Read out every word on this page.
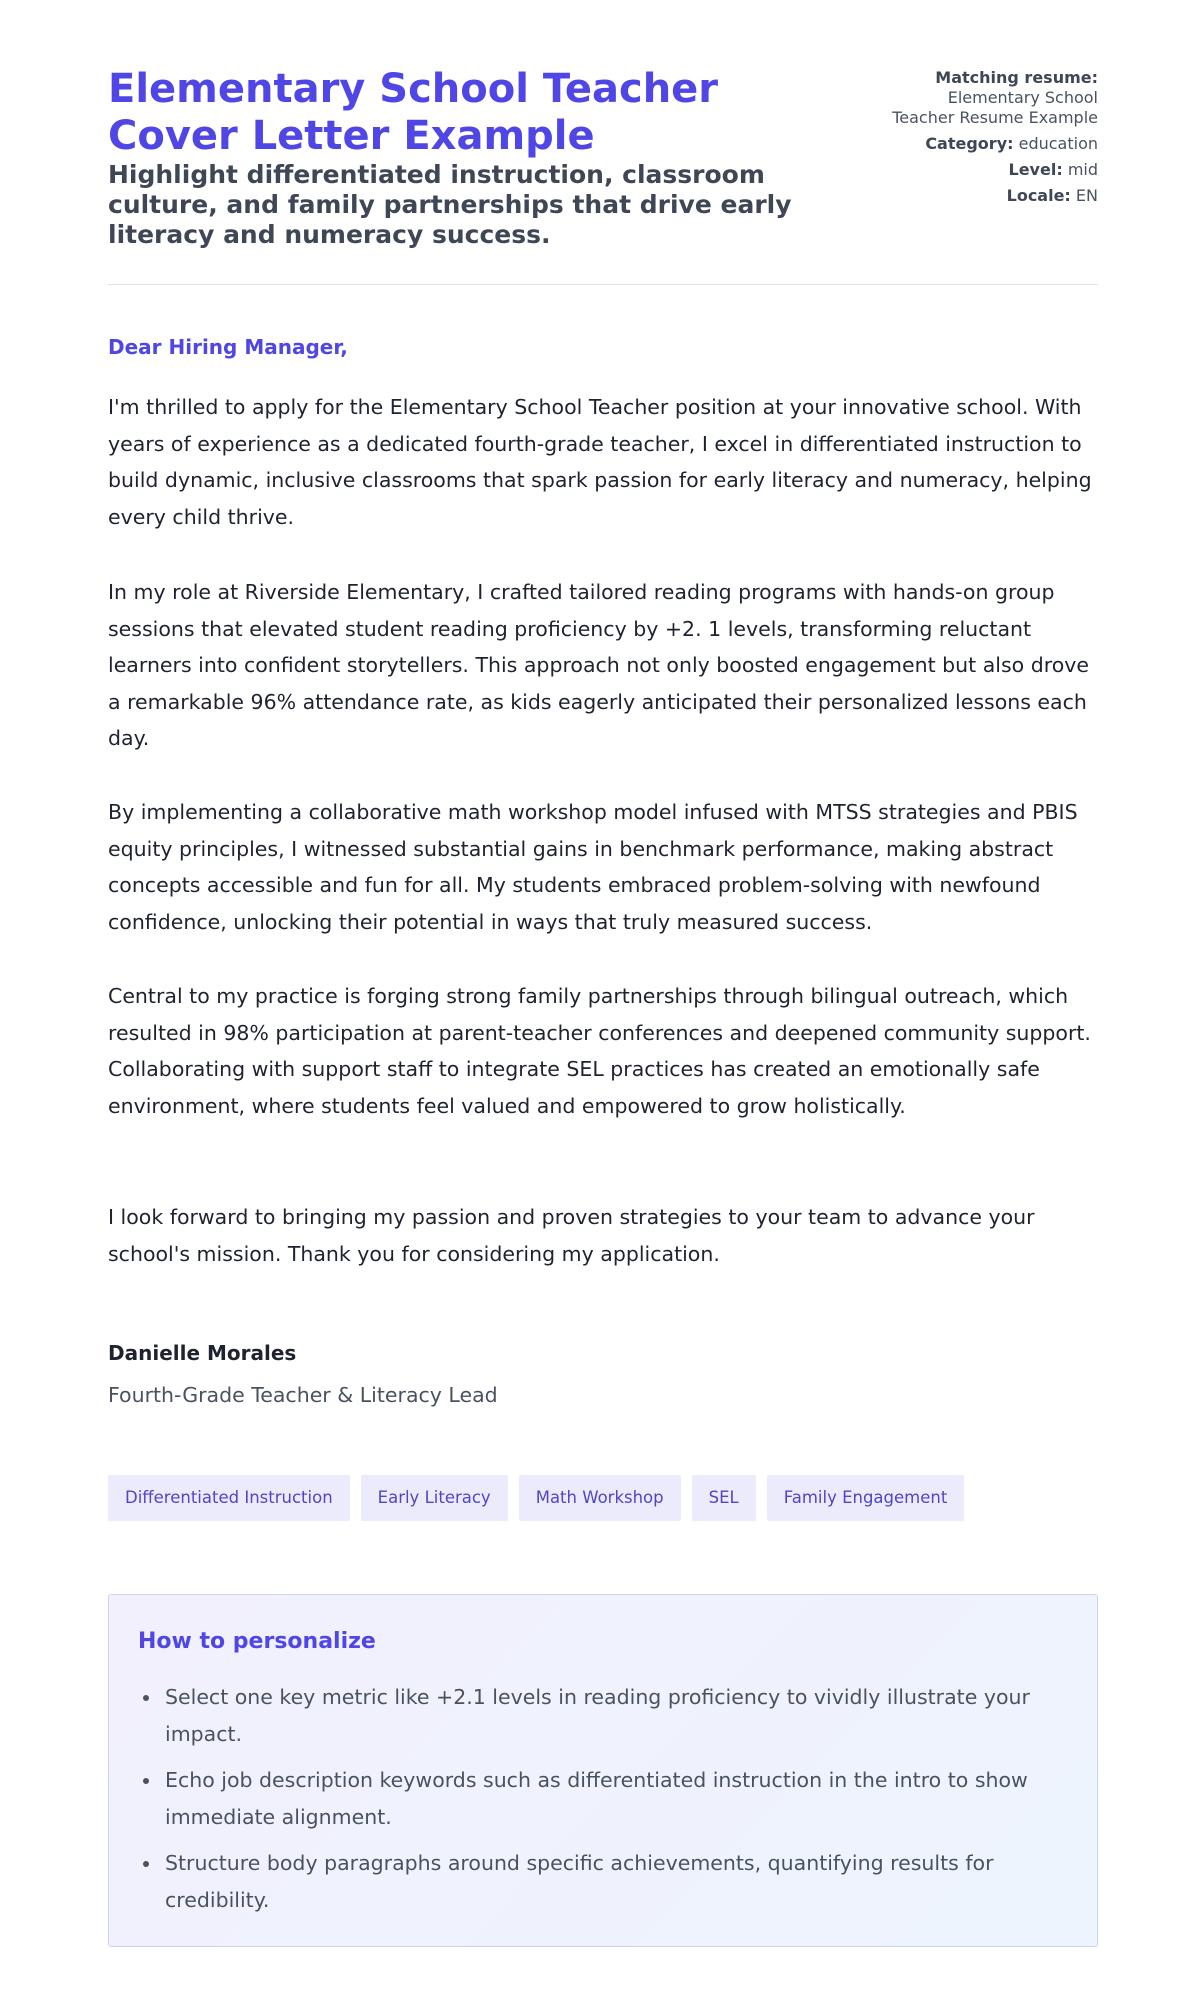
Elementary School Teacher Cover Letter Example

Highlight differentiated instruction, classroom culture, and family partnerships that drive early literacy and numeracy success.

Matching resume:
Elementary School
Teacher Resume Example
Category: education
Level: mid
Locale: EN

Dear Hiring Manager,

I'm thrilled to apply for the Elementary School Teacher position at your innovative school. With years of experience as a dedicated fourth-grade teacher, I excel in differentiated instruction to build dynamic, inclusive classrooms that spark passion for early literacy and numeracy, helping every child thrive.

In my role at Riverside Elementary, I crafted tailored reading programs with hands-on group sessions that elevated student reading proficiency by +2. 1 levels, transforming reluctant learners into confident storytellers. This approach not only boosted engagement but also drove a remarkable 96% attendance rate, as kids eagerly anticipated their personalized lessons each day.

By implementing a collaborative math workshop model infused with MTSS strategies and PBIS equity principles, I witnessed substantial gains in benchmark performance, making abstract concepts accessible and fun for all. My students embraced problem-solving with newfound confidence, unlocking their potential in ways that truly measured success.

Central to my practice is forging strong family partnerships through bilingual outreach, which resulted in 98% participation at parent-teacher conferences and deepened community support. Collaborating with support staff to integrate SEL practices has created an emotionally safe environment, where students feel valued and empowered to grow holistically.

I look forward to bringing my passion and proven strategies to your team to advance your school's mission. Thank you for considering my application.

Danielle Morales
Fourth-Grade Teacher & Literacy Lead
Differentiated Instruction	Early Literacy	Math Workshop	SEL	Family Engagement
How to personalize
• Select one key metric like +2.1 levels in reading proficiency to vividly illustrate your impact.
• Echo job description keywords such as differentiated instruction in the intro to show immediate alignment.
• Structure body paragraphs around specific achievements, quantifying results for credibility.
